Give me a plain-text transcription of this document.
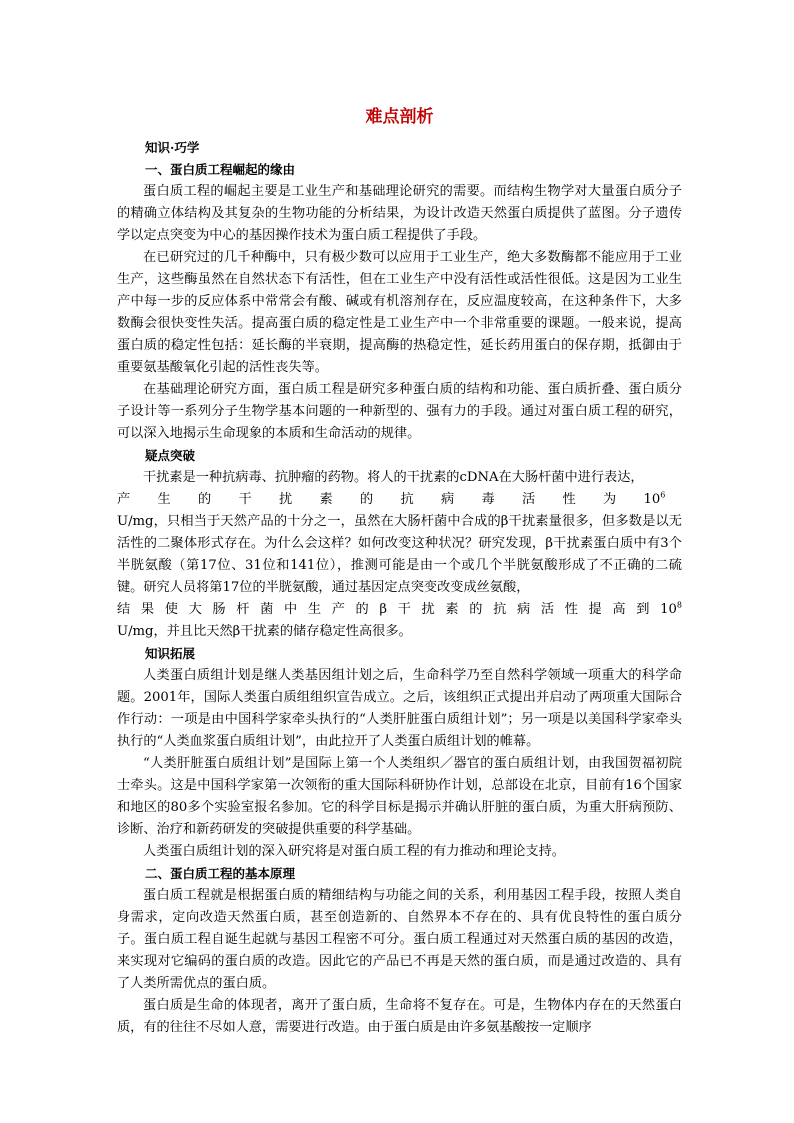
难点剖析
知识·巧学
一、蛋白质工程崛起的缘由

蛋白质工程的崛起主要是工业生产和基础理论研究的需要。而结构生物学对大量蛋白质分子的精确立体结构及其复杂的生物功能的分析结果，为设计改造天然蛋白质提供了蓝图。分子遗传学以定点突变为中心的基因操作技术为蛋白质工程提供了手段。

在已研究过的几千种酶中，只有极少数可以应用于工业生产，绝大多数酶都不能应用于工业生产，这些酶虽然在自然状态下有活性，但在工业生产中没有活性或活性很低。这是因为工业生产中每一步的反应体系中常常会有酸、碱或有机溶剂存在，反应温度较高，在这种条件下，大多数酶会很快变性失活。提高蛋白质的稳定性是工业生产中一个非常重要的课题。一般来说，提高蛋白质的稳定性包括：延长酶的半衰期，提高酶的热稳定性，延长药用蛋白的保存期，抵御由于重要氨基酸氧化引起的活性丧失等。

在基础理论研究方面，蛋白质工程是研究多种蛋白质的结构和功能、蛋白质折叠、蛋白质分子设计等一系列分子生物学基本问题的一种新型的、强有力的手段。通过对蛋白质工程的研究，可以深入地揭示生命现象的本质和生命活动的规律。

疑点突破

干扰素是一种抗病毒、抗肿瘤的药物。将人的干扰素的cDNA在大肠杆菌中进行表达，

产 生 的 干 扰 素 的 抗 病 毒 活 性 为 $10^6$

U/mg，只相当于天然产品的十分之一，虽然在大肠杆菌中合成的β干扰素量很多，但多数是以无活性的二聚体形式存在。为什么会这样？如何改变这种状况？研究发现，β干扰素蛋白质中有3个半胱氨酸（第17位、31位和141位），推测可能是由一个或几个半胱氨酸形成了不正确的二硫键。研究人员将第17位的半胱氨酸，通过基因定点突变改变成丝氨酸，

结果使大肠杆菌中生产的β干扰素的抗病活性提高到$10^8$

U/mg，并且比天然β干扰素的储存稳定性高很多。

知识拓展

人类蛋白质组计划是继人类基因组计划之后，生命科学乃至自然科学领域一项重大的科学命题。2001年，国际人类蛋白质组组织宣告成立。之后，该组织正式提出并启动了两项重大国际合作行动：一项是由中国科学家牵头执行的“人类肝脏蛋白质组计划”；另一项是以美国科学家牵头执行的“人类血浆蛋白质组计划”，由此拉开了人类蛋白质组计划的帷幕。

“人类肝脏蛋白质组计划”是国际上第一个人类组织／器官的蛋白质组计划，由我国贺福初院士牵头。这是中国科学家第一次领衔的重大国际科研协作计划，总部设在北京，目前有16个国家和地区的80多个实验室报名参加。它的科学目标是揭示并确认肝脏的蛋白质，为重大肝病预防、诊断、治疗和新药研发的突破提供重要的科学基础。

人类蛋白质组计划的深入研究将是对蛋白质工程的有力推动和理论支持。

二、蛋白质工程的基本原理

蛋白质工程就是根据蛋白质的精细结构与功能之间的关系，利用基因工程手段，按照人类自身需求，定向改造天然蛋白质，甚至创造新的、自然界本不存在的、具有优良特性的蛋白质分子。蛋白质工程自诞生起就与基因工程密不可分。蛋白质工程通过对天然蛋白质的基因的改造，来实现对它编码的蛋白质的改造。因此它的产品已不再是天然的蛋白质，而是通过改造的、具有了人类所需优点的蛋白质。

蛋白质是生命的体现者，离开了蛋白质，生命将不复存在。可是，生物体内存在的天然蛋白质，有的往往不尽如人意，需要进行改造。由于蛋白质是由许多氨基酸按一定顺序
